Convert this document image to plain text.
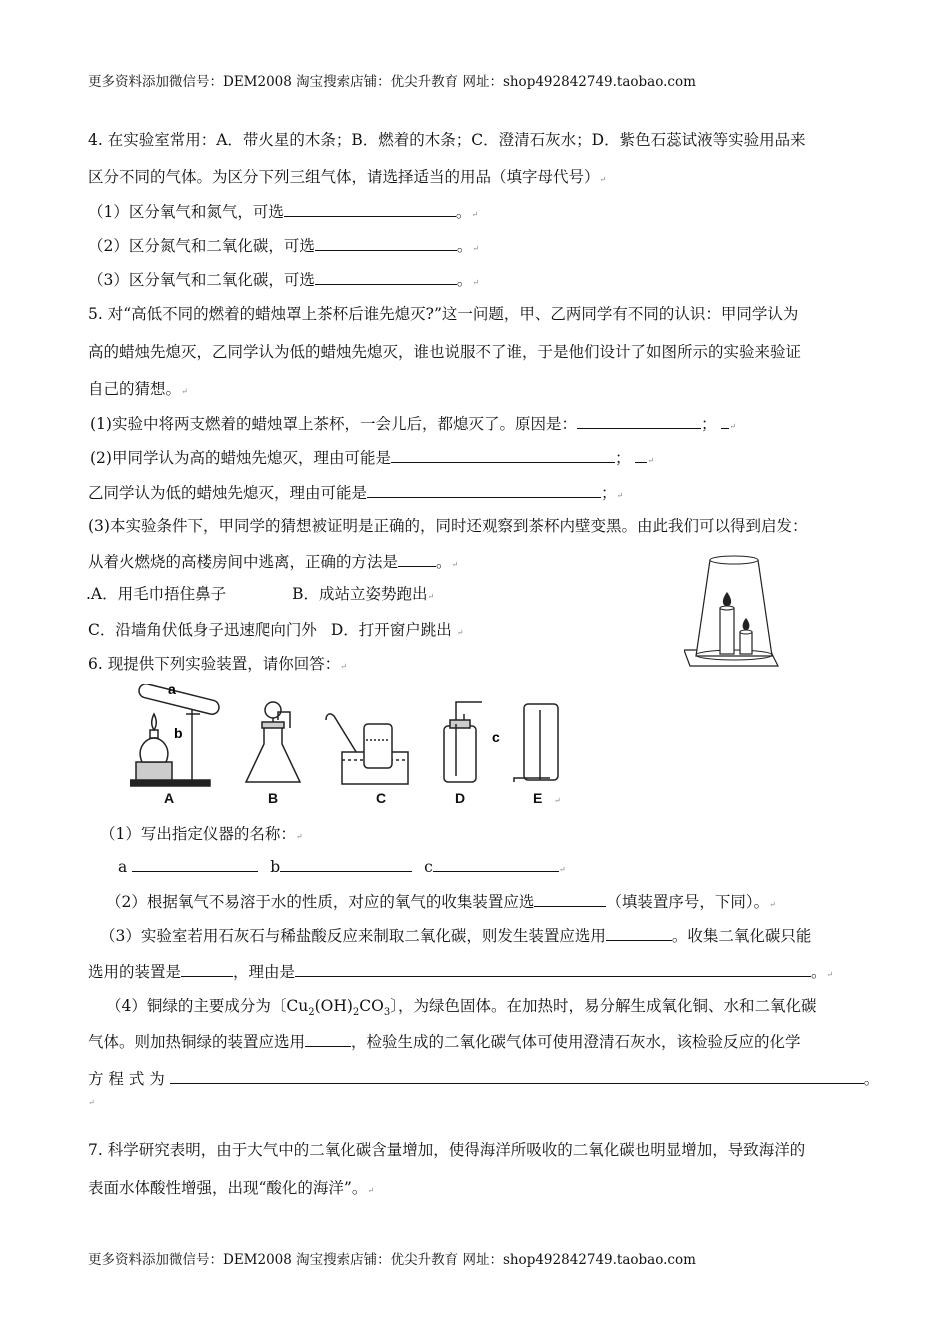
更多资料添加微信号：DEM2008 淘宝搜索店铺：优尖升教育 网址：shop492842749.taobao.com
4. 在实验室常用：A．带火星的木条；B．燃着的木条；C．澄清石灰水；D．紫色石蕊试液等实验用品来
区分不同的气体。为区分下列三组气体，请选择适当的用品（填字母代号）↵
（1）区分氧气和氮气，可选	。↵
（2）区分氮气和二氧化碳，可选	。↵
（3）区分氧气和二氧化碳，可选	。↵
5. 对“高低不同的燃着的蜡烛罩上茶杯后谁先熄灭?”这一问题，甲、乙两同学有不同的认识：甲同学认为
高的蜡烛先熄灭，乙同学认为低的蜡烛先熄灭，谁也说服不了谁，于是他们设计了如图所示的实验来验证
自己的猜想。↵
(1)实验中将两支燃着的蜡烛罩上茶杯，一会儿后，都熄灭了。原因是：	； ↵
(2)甲同学认为高的蜡烛先熄灭，理由可能是	； ↵
乙同学认为低的蜡烛先熄灭，理由可能是	；↵
(3)本实验条件下，甲同学的猜想被证明是正确的，同时还观察到茶杯内壁变黑。由此我们可以得到启发：
从着火燃烧的高楼房间中逃离，正确的方法是 。↵
.A．用毛巾捂住鼻子	B．成站立姿势跑出↵
C．沿墙角伏低身子迅速爬向门外 D．打开窗户跳出 ↵
6. 现提供下列实验装置，请你回答：↵
a
b	c
A	B	C	D	E ↵
（1）写出指定仪器的名称：↵
a	b	c	↵
（2）根据氧气不易溶于水的性质，对应的氧气的收集装置应选	（填装置序号，下同）。↵
（3）实验室若用石灰石与稀盐酸反应来制取二氧化碳，则发生装置应选用	。收集二氧化碳只能
选用的装置是	，理由是	。↵
（4）铜绿的主要成分为〔$Cu_2(OH)_2CO_3$〕，为绿色固体。在加热时，易分解生成氧化铜、水和二氧化碳
气体。则加热铜绿的装置应选用	，检验生成的二氧化碳气体可使用澄清石灰水，该检验反应的化学
方 程 式 为	。
↵
7. 科学研究表明，由于大气中的二氧化碳含量增加，使得海洋所吸收的二氧化碳也明显增加，导致海洋的
表面水体酸性增强，出现“酸化的海洋”。↵
更多资料添加微信号：DEM2008 淘宝搜索店铺：优尖升教育 网址：shop492842749.taobao.com
